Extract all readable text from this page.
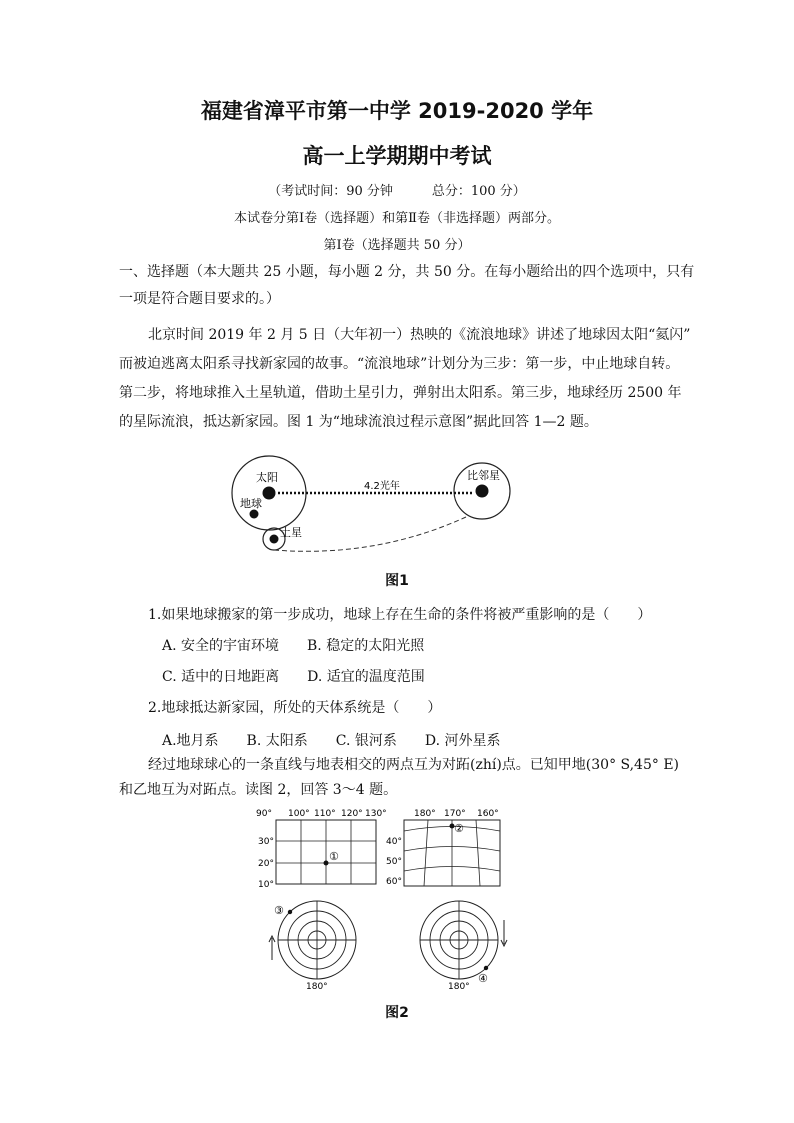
福建省漳平市第一中学 2019-2020 学年
高一上学期期中考试
（考试时间：90 分钟　　　总分：100 分）
本试卷分第Ⅰ卷（选择题）和第Ⅱ卷（非选择题）两部分。
第Ⅰ卷（选择题共 50 分）
一、选择题（本大题共 25 小题，每小题 2 分，共 50 分。在每小题给出的四个选项中，只有
一项是符合题目要求的。）
北京时间 2019 年 2 月 5 日（大年初一）热映的《流浪地球》讲述了地球因太阳“氦闪”
而被迫逃离太阳系寻找新家园的故事。“流浪地球”计划分为三步：第一步，中止地球自转。
第二步，将地球推入土星轨道，借助土星引力，弹射出太阳系。第三步，地球经历 2500 年
的星际流浪，抵达新家园。图 1 为“地球流浪过程示意图”据此回答 1—2 题。
太阳
地球
土星
比邻星
4.2光年
图1
1.如果地球搬家的第一步成功，地球上存在生命的条件将被严重影响的是（　　）
A. 安全的宇宙环境　　B. 稳定的太阳光照
C. 适中的日地距离　　D. 适宜的温度范围
2.地球抵达新家园，所处的天体系统是（　　）
A.地月系　　B. 太阳系　　C. 银河系　　D. 河外星系
经过地球球心的一条直线与地表相交的两点互为对跖(zhí)点。已知甲地(30° S,45° E)
和乙地互为对跖点。读图 2，回答 3～4 题。
90° 100° 110° 120° 130°
30°
20°
10°
①
180° 170° 160°
40°
50°
60°
②
③
180°
④
180°
图2
